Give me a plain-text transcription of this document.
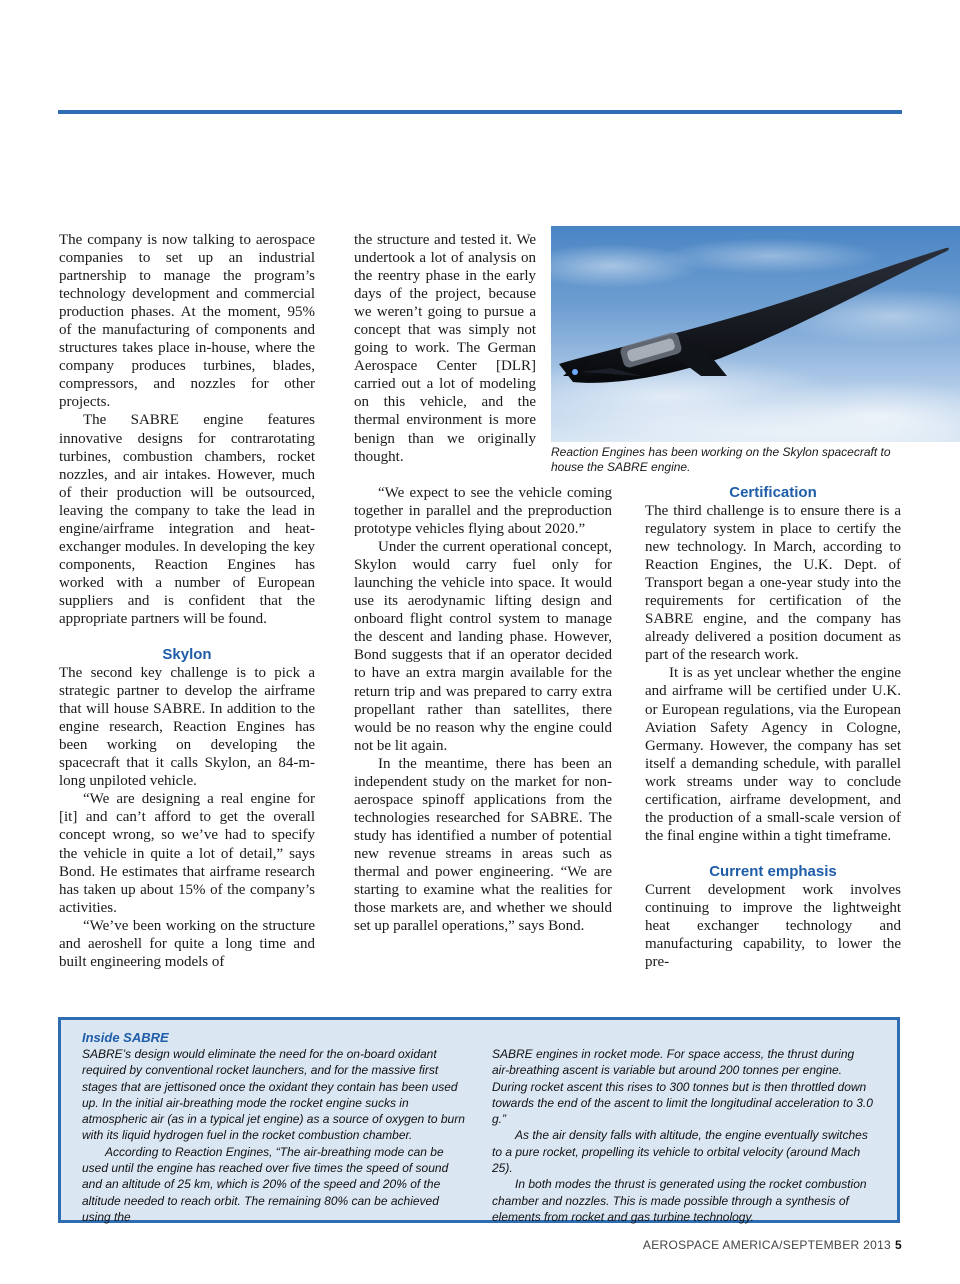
The company is now talking to aerospace companies to set up an industrial partnership to manage the program’s technology development and commercial production phases. At the moment, 95% of the manufacturing of components and structures takes place in-house, where the company produces turbines, blades, compressors, and nozzles for other projects.

The SABRE engine features innovative designs for contrarotating turbines, combustion chambers, rocket nozzles, and air intakes. However, much of their production will be outsourced, leaving the company to take the lead in engine/airframe integration and heat-exchanger modules. In developing the key components, Reaction Engines has worked with a number of European suppliers and is confident that the appropriate partners will be found.

Skylon

The second key challenge is to pick a strategic partner to develop the airframe that will house SABRE. In addition to the engine research, Reaction Engines has been working on developing the spacecraft that it calls Skylon, an 84-m-long unpiloted vehicle.

“We are designing a real engine for [it] and can’t afford to get the overall concept wrong, so we’ve had to specify the vehicle in quite a lot of detail,” says Bond. He estimates that airframe research has taken up about 15% of the company’s activities.

“We’ve been working on the structure and aeroshell for quite a long time and built engineering models of

the structure and tested it. We undertook a lot of analysis on the reentry phase in the early days of the project, because we weren’t going to pursue a concept that was simply not going to work. The German Aerospace Center [DLR] carried out a lot of modeling on this vehicle, and the thermal environment is more benign than we originally thought.

“We expect to see the vehicle coming together in parallel and the preproduction prototype vehicles flying about 2020.”

Under the current operational concept, Skylon would carry fuel only for launching the vehicle into space. It would use its aerodynamic lifting design and onboard flight control system to manage the descent and landing phase. However, Bond suggests that if an operator decided to have an extra margin available for the return trip and was prepared to carry extra propellant rather than satellites, there would be no reason why the engine could not be lit again.

In the meantime, there has been an independent study on the market for non-aerospace spinoff applications from the technologies researched for SABRE. The study has identified a number of potential new revenue streams in areas such as thermal and power engineering. “We are starting to examine what the realities for those markets are, and whether we should set up parallel operations,” says Bond.

Certification

The third challenge is to ensure there is a regulatory system in place to certify the new technology. In March, according to Reaction Engines, the U.K. Dept. of Transport began a one-year study into the requirements for certification of the SABRE engine, and the company has already delivered a position document as part of the research work.

It is as yet unclear whether the engine and airframe will be certified under U.K. or European regulations, via the European Aviation Safety Agency in Cologne, Germany. However, the company has set itself a demanding schedule, with parallel work streams under way to conclude certification, airframe development, and the production of a small-scale version of the final engine within a tight timeframe.

Current emphasis

Current development work involves continuing to improve the lightweight heat exchanger technology and manufacturing capability, to lower the pre-

Reaction Engines has been working on the Skylon spacecraft to house the SABRE engine.
Inside SABRE

SABRE’s design would eliminate the need for the on-board oxidant required by conventional rocket launchers, and for the massive first stages that are jettisoned once the oxidant they contain has been used up. In the initial air-breathing mode the rocket engine sucks in atmospheric air (as in a typical jet engine) as a source of oxygen to burn with its liquid hydrogen fuel in the rocket combustion chamber.

According to Reaction Engines, “The air-breathing mode can be used until the engine has reached over five times the speed of sound and an altitude of 25 km, which is 20% of the speed and 20% of the altitude needed to reach orbit. The remaining 80% can be achieved using the

SABRE engines in rocket mode. For space access, the thrust during air-breathing ascent is variable but around 200 tonnes per engine. During rocket ascent this rises to 300 tonnes but is then throttled down towards the end of the ascent to limit the longitudinal acceleration to 3.0 g.”

As the air density falls with altitude, the engine eventually switches to a pure rocket, propelling its vehicle to orbital velocity (around Mach 25).

In both modes the thrust is generated using the rocket combustion chamber and nozzles. This is made possible through a synthesis of elements from rocket and gas turbine technology.

AEROSPACE AMERICA/SEPTEMBER 2013 5
